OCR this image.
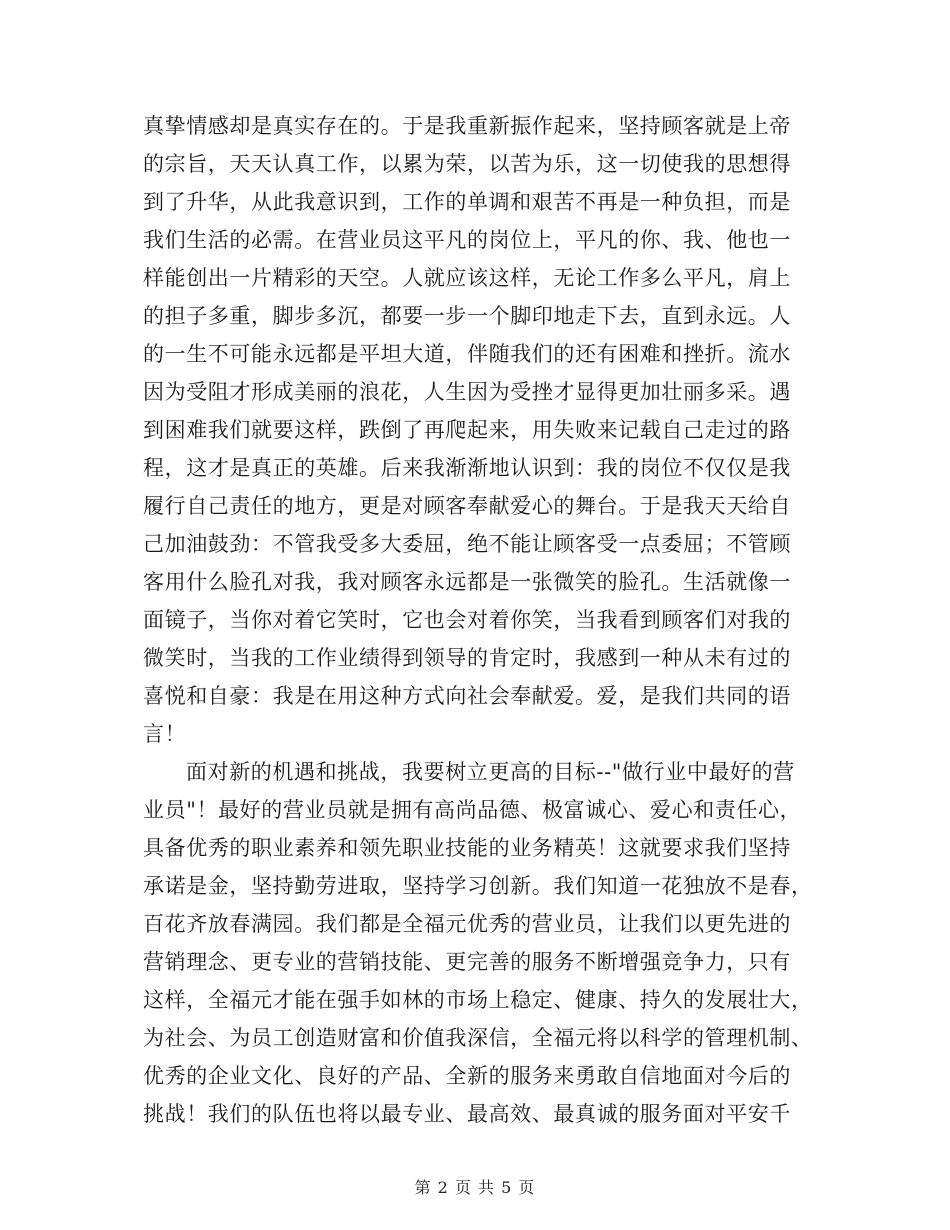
真挚情感却是真实存在的。于是我重新振作起来，坚持顾客就是上帝
的宗旨，天天认真工作，以累为荣，以苦为乐，这一切使我的思想得
到了升华，从此我意识到，工作的单调和艰苦不再是一种负担，而是
我们生活的必需。在营业员这平凡的岗位上，平凡的你、我、他也一
样能创出一片精彩的天空。人就应该这样，无论工作多么平凡，肩上
的担子多重，脚步多沉，都要一步一个脚印地走下去，直到永远。人
的一生不可能永远都是平坦大道，伴随我们的还有困难和挫折。流水
因为受阻才形成美丽的浪花，人生因为受挫才显得更加壮丽多采。遇
到困难我们就要这样，跌倒了再爬起来，用失败来记载自己走过的路
程，这才是真正的英雄。后来我渐渐地认识到：我的岗位不仅仅是我
履行自己责任的地方，更是对顾客奉献爱心的舞台。于是我天天给自
己加油鼓劲：不管我受多大委屈，绝不能让顾客受一点委屈；不管顾
客用什么脸孔对我，我对顾客永远都是一张微笑的脸孔。生活就像一
面镜子，当你对着它笑时，它也会对着你笑，当我看到顾客们对我的
微笑时，当我的工作业绩得到领导的肯定时，我感到一种从未有过的
喜悦和自豪：我是在用这种方式向社会奉献爱。爱，是我们共同的语
言！
面对新的机遇和挑战，我要树立更高的目标--"做行业中最好的营
业员"！最好的营业员就是拥有高尚品德、极富诚心、爱心和责任心，
具备优秀的职业素养和领先职业技能的业务精英！这就要求我们坚持
承诺是金，坚持勤劳进取，坚持学习创新。我们知道一花独放不是春，
百花齐放春满园。我们都是全福元优秀的营业员，让我们以更先进的
营销理念、更专业的营销技能、更完善的服务不断增强竞争力，只有
这样，全福元才能在强手如林的市场上稳定、健康、持久的发展壮大，
为社会、为员工创造财富和价值我深信，全福元将以科学的管理机制、
优秀的企业文化、良好的产品、全新的服务来勇敢自信地面对今后的
挑战！我们的队伍也将以最专业、最高效、最真诚的服务面对平安千
第 2 页 共 5 页
